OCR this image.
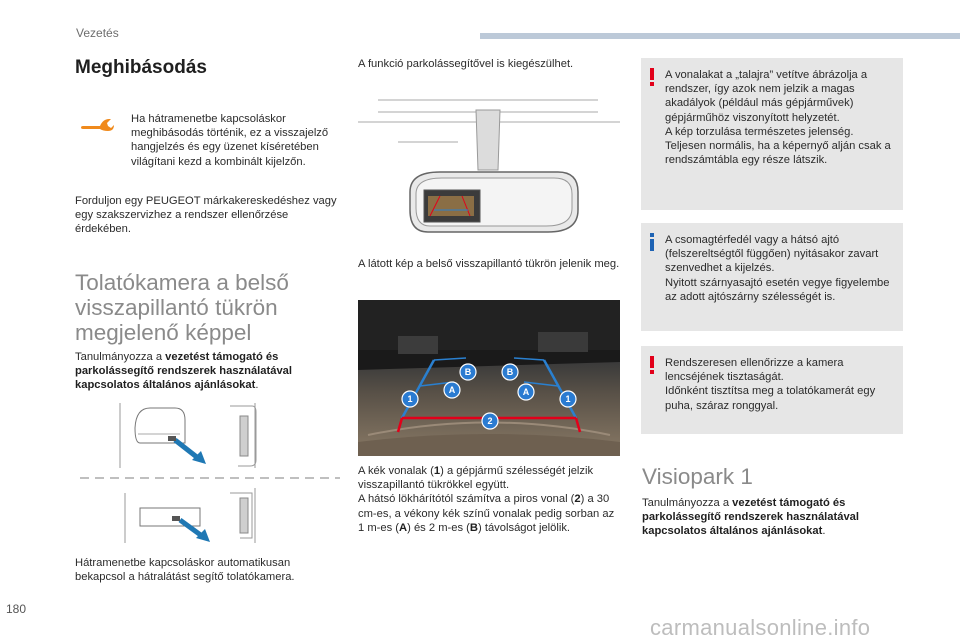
Vezetés
Meghibásodás
Ha hátramenetbe kapcsoláskor meghibásodás történik, ez a visszajelző hangjelzés és egy üzenet kíséretében világítani kezd a kombinált kijelzőn.
Forduljon egy PEUGEOT márkakereskedéshez vagy egy szakszervizhez a rendszer ellenőrzése érdekében.
Tolatókamera a belső
visszapillantó tükrön
megjelenő képpel
Tanulmányozza a vezetést támogató és parkolássegítő rendszerek használatával kapcsolatos általános ajánlásokat.
Hátramenetbe kapcsoláskor automatikusan bekapcsol a hátralátást segítő tolatókamera.
A funkció parkolássegítővel is kiegészülhet.
A látott kép a belső visszapillantó tükrön jelenik meg.
B	B
A	A
1	1
2
A kék vonalak (1) a gépjármű szélességét jelzik visszapillantó tükrökkel együtt.
A hátsó lökhárítótól számítva a piros vonal (2) a 30 cm-es, a vékony kék színű vonalak pedig sorban az 1 m-es (A) és 2 m-es (B) távolságot jelölik.
A vonalakat a „talajra” vetítve ábrázolja a rendszer, így azok nem jelzik a magas akadályok (például más gépjárművek) gépjárműhöz viszonyított helyzetét.
A kép torzulása természetes jelenség.
Teljesen normális, ha a képernyő alján csak a rendszámtábla egy része látszik.
A csomagtérfedél vagy a hátsó ajtó (felszereltségtől függően) nyitásakor zavart szenvedhet a kijelzés.
Nyitott szárnyasajtó esetén vegye figyelembe az adott ajtószárny szélességét is.
Rendszeresen ellenőrizze a kamera lencséjének tisztaságát.
Időnként tisztítsa meg a tolatókamerát egy puha, száraz ronggyal.
Visiopark 1
Tanulmányozza a vezetést támogató és parkolássegítő rendszerek használatával kapcsolatos általános ajánlásokat.
180
carmanualsonline.info
